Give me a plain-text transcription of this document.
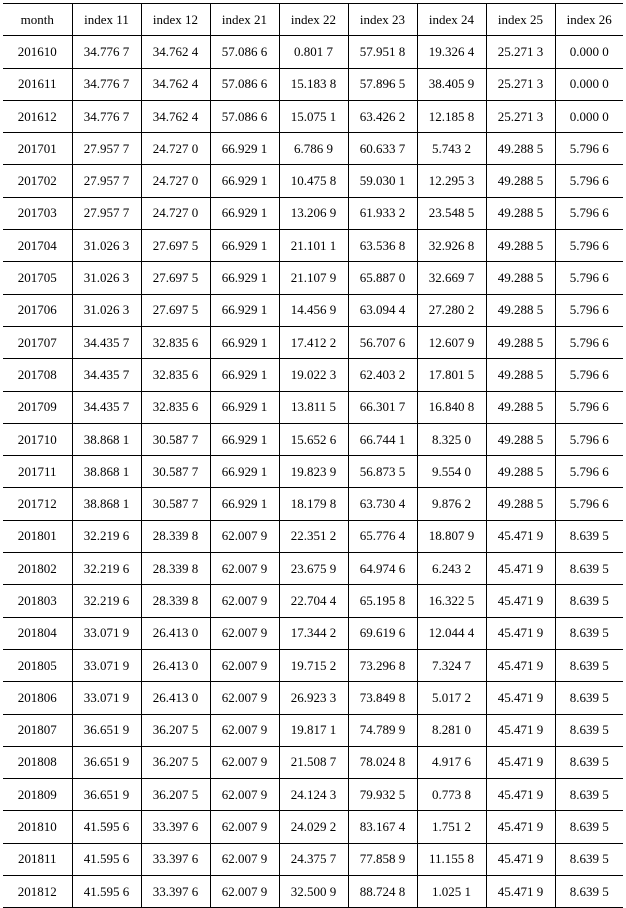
month	index 11	index 12	index 21	index 22	index 23	index 24	index 25	index 26
201610	34.776 7	34.762 4	57.086 6	0.801 7	57.951 8	19.326 4	25.271 3	0.000 0
201611	34.776 7	34.762 4	57.086 6	15.183 8	57.896 5	38.405 9	25.271 3	0.000 0
201612	34.776 7	34.762 4	57.086 6	15.075 1	63.426 2	12.185 8	25.271 3	0.000 0
201701	27.957 7	24.727 0	66.929 1	6.786 9	60.633 7	5.743 2	49.288 5	5.796 6
201702	27.957 7	24.727 0	66.929 1	10.475 8	59.030 1	12.295 3	49.288 5	5.796 6
201703	27.957 7	24.727 0	66.929 1	13.206 9	61.933 2	23.548 5	49.288 5	5.796 6
201704	31.026 3	27.697 5	66.929 1	21.101 1	63.536 8	32.926 8	49.288 5	5.796 6
201705	31.026 3	27.697 5	66.929 1	21.107 9	65.887 0	32.669 7	49.288 5	5.796 6
201706	31.026 3	27.697 5	66.929 1	14.456 9	63.094 4	27.280 2	49.288 5	5.796 6
201707	34.435 7	32.835 6	66.929 1	17.412 2	56.707 6	12.607 9	49.288 5	5.796 6
201708	34.435 7	32.835 6	66.929 1	19.022 3	62.403 2	17.801 5	49.288 5	5.796 6
201709	34.435 7	32.835 6	66.929 1	13.811 5	66.301 7	16.840 8	49.288 5	5.796 6
201710	38.868 1	30.587 7	66.929 1	15.652 6	66.744 1	8.325 0	49.288 5	5.796 6
201711	38.868 1	30.587 7	66.929 1	19.823 9	56.873 5	9.554 0	49.288 5	5.796 6
201712	38.868 1	30.587 7	66.929 1	18.179 8	63.730 4	9.876 2	49.288 5	5.796 6
201801	32.219 6	28.339 8	62.007 9	22.351 2	65.776 4	18.807 9	45.471 9	8.639 5
201802	32.219 6	28.339 8	62.007 9	23.675 9	64.974 6	6.243 2	45.471 9	8.639 5
201803	32.219 6	28.339 8	62.007 9	22.704 4	65.195 8	16.322 5	45.471 9	8.639 5
201804	33.071 9	26.413 0	62.007 9	17.344 2	69.619 6	12.044 4	45.471 9	8.639 5
201805	33.071 9	26.413 0	62.007 9	19.715 2	73.296 8	7.324 7	45.471 9	8.639 5
201806	33.071 9	26.413 0	62.007 9	26.923 3	73.849 8	5.017 2	45.471 9	8.639 5
201807	36.651 9	36.207 5	62.007 9	19.817 1	74.789 9	8.281 0	45.471 9	8.639 5
201808	36.651 9	36.207 5	62.007 9	21.508 7	78.024 8	4.917 6	45.471 9	8.639 5
201809	36.651 9	36.207 5	62.007 9	24.124 3	79.932 5	0.773 8	45.471 9	8.639 5
201810	41.595 6	33.397 6	62.007 9	24.029 2	83.167 4	1.751 2	45.471 9	8.639 5
201811	41.595 6	33.397 6	62.007 9	24.375 7	77.858 9	11.155 8	45.471 9	8.639 5
201812	41.595 6	33.397 6	62.007 9	32.500 9	88.724 8	1.025 1	45.471 9	8.639 5
